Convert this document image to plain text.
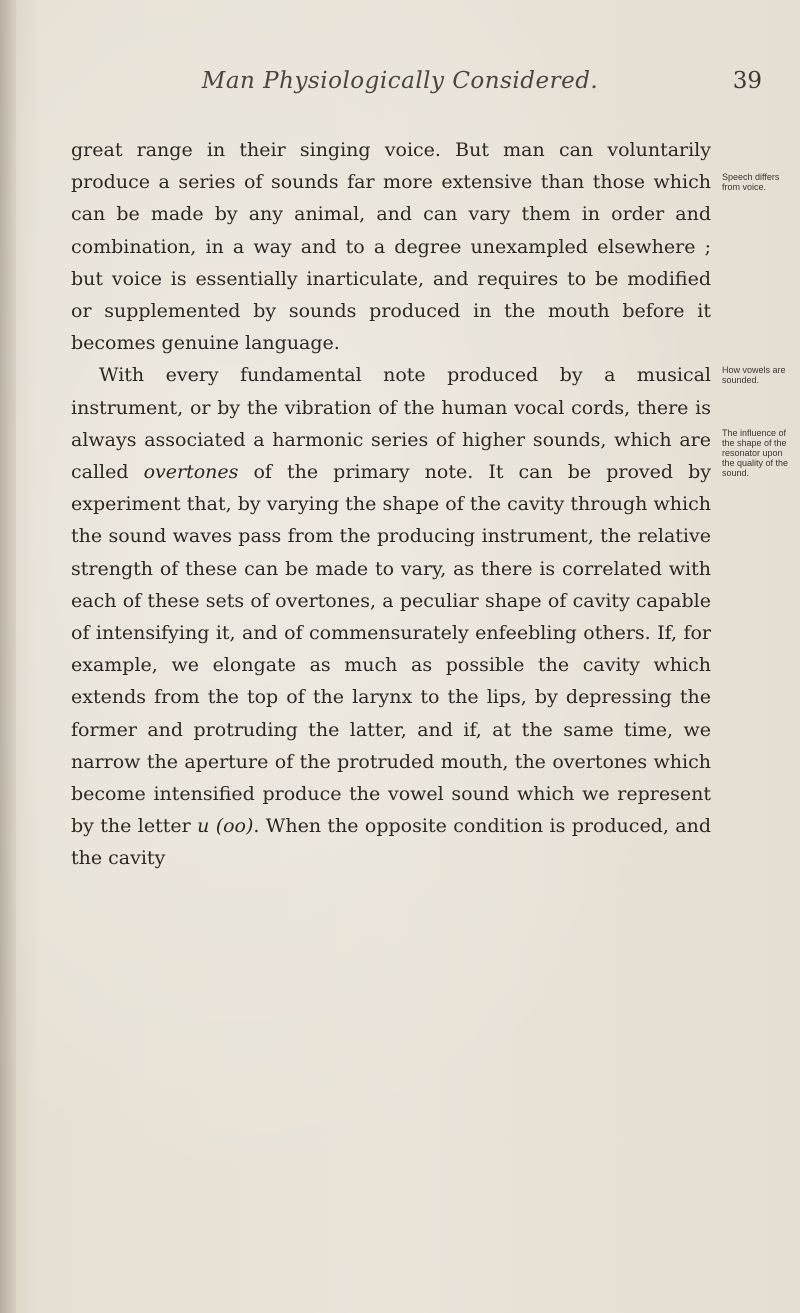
Man Physiologically Considered.	39

great range in their singing voice. But man can voluntarily produce a series of sounds far more extensive than those which can be made by any animal, and can vary them in order and combination, in a way and to a degree unexampled elsewhere ; but voice is essentially inarticulate, and requires to be modified or supplemented by sounds produced in the mouth before it becomes genuine language.

With every fundamental note produced by a musical instrument, or by the vibration of the human vocal cords, there is always associated a harmonic series of higher sounds, which are called overtones of the primary note. It can be proved by experiment that, by varying the shape of the cavity through which the sound waves pass from the producing instrument, the relative strength of these can be made to vary, as there is correlated with each of these sets of overtones, a peculiar shape of cavity capable of intensifying it, and of commensurately enfeebling others. If, for example, we elongate as much as possible the cavity which extends from the top of the larynx to the lips, by depressing the former and protruding the latter, and if, at the same time, we narrow the aperture of the protruded mouth, the overtones which become intensified produce the vowel sound which we represent by the letter u (oo). When the opposite condition is produced, and the cavity

Speech differs from voice.
How vowels are sounded.
The influence of the shape of the resonator upon the quality of the sound.
